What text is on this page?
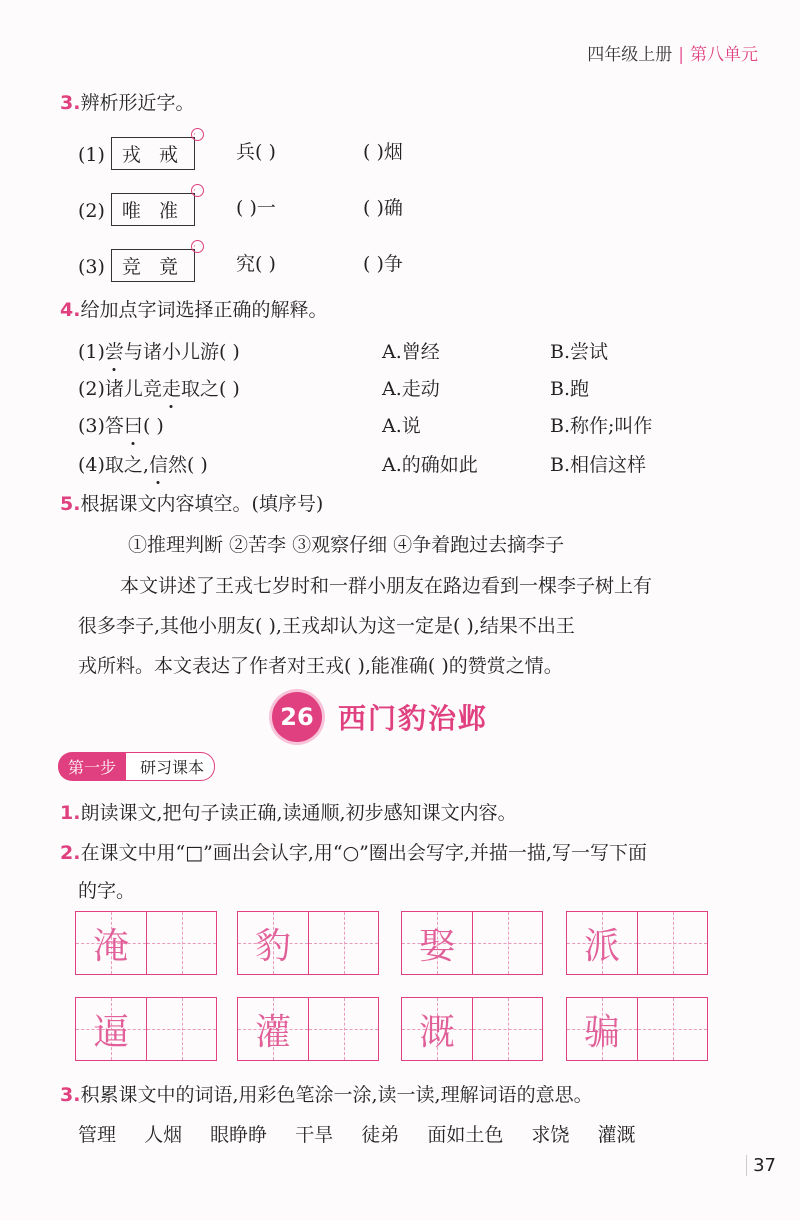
四年级上册 | 第八单元
3.辨析形近字。
(1) 戎 戒
·
兵( )	( )烟
(2) 唯 准
·
( )一	( )确
(3) 竞 竟
·
究( )	( )争
4.给加点字词选择正确的解释。
(1)尝与诸小儿游( )	A.曾经	B.尝试
(2)诸儿竞走取之( )	A.走动	B.跑
(3)答曰( )	A.说	B.称作;叫作
(4)取之,信然( )	A.的确如此	B.相信这样
5.根据课文内容填空。(填序号)
①推理判断 ②苦李 ③观察仔细 ④争着跑过去摘李子
本文讲述了王戎七岁时和一群小朋友在路边看到一棵李子树上有
很多李子,其他小朋友( ),王戎却认为这一定是( ),结果不出王
戎所料。本文表达了作者对王戎( ),能准确( )的赞赏之情。
26 西门豹治邺
第一步	研习课本
1.朗读课文,把句子读正确,读通顺,初步感知课文内容。
2.在课文中用“□”画出会认字,用“○”圈出会写字,并描一描,写一写下面
的字。
淹	豹	娶	派
逼	灌	溉	骗
3.积累课文中的词语,用彩色笔涂一涂,读一读,理解词语的意思。
管理 人烟 眼睁睁 干旱 徒弟 面如土色 求饶 灌溉
37
